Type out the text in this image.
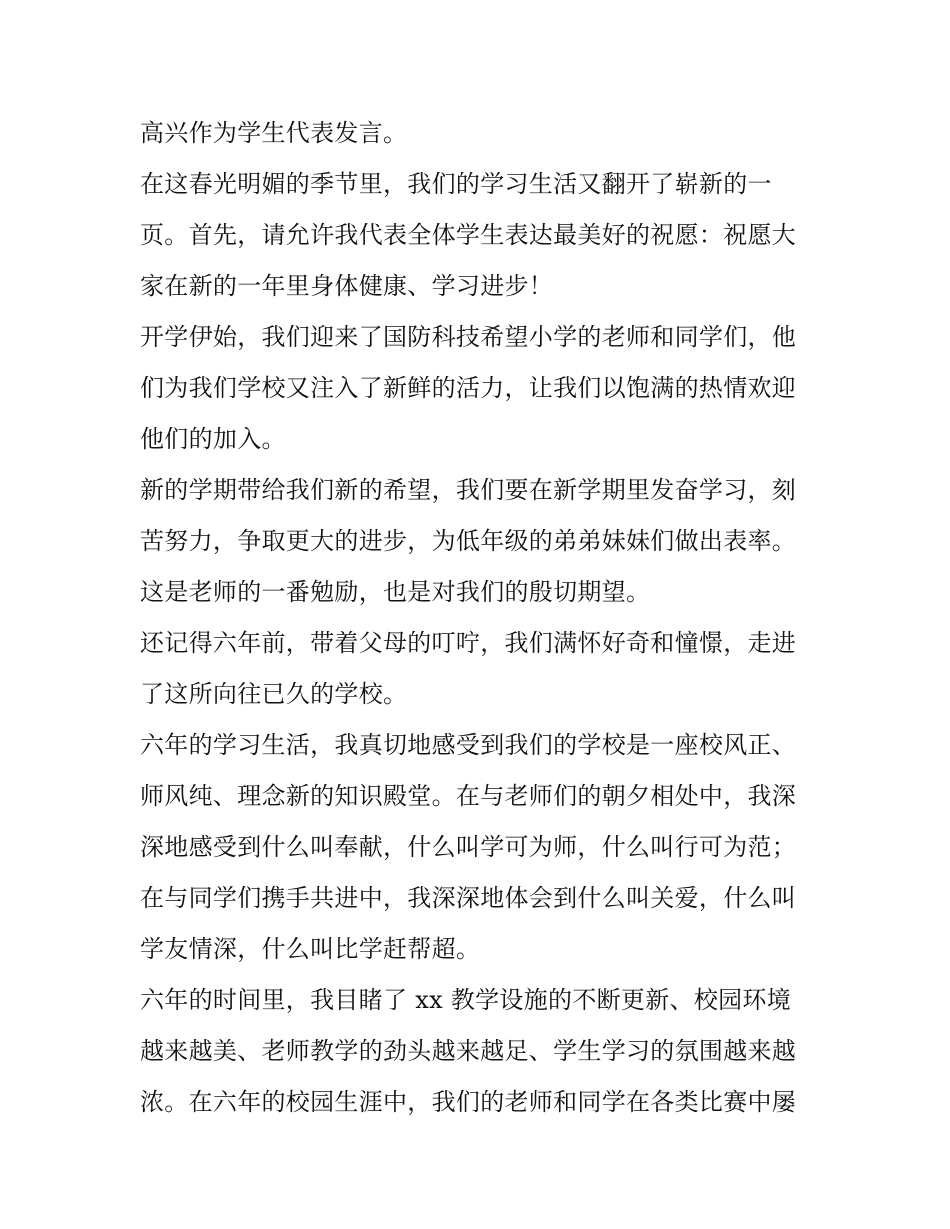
高兴作为学生代表发言。
在这春光明媚的季节里，我们的学习生活又翻开了崭新的一
页。首先，请允许我代表全体学生表达最美好的祝愿：祝愿大
家在新的一年里身体健康、学习进步！
开学伊始，我们迎来了国防科技希望小学的老师和同学们，他
们为我们学校又注入了新鲜的活力，让我们以饱满的热情欢迎
他们的加入。
新的学期带给我们新的希望，我们要在新学期里发奋学习，刻
苦努力，争取更大的进步，为低年级的弟弟妹妹们做出表率。
这是老师的一番勉励，也是对我们的殷切期望。
还记得六年前，带着父母的叮咛，我们满怀好奇和憧憬，走进
了这所向往已久的学校。
六年的学习生活，我真切地感受到我们的学校是一座校风正、
师风纯、理念新的知识殿堂。在与老师们的朝夕相处中，我深
深地感受到什么叫奉献，什么叫学可为师，什么叫行可为范；
在与同学们携手共进中，我深深地体会到什么叫关爱，什么叫
学友情深，什么叫比学赶帮超。
六年的时间里，我目睹了 xx 教学设施的不断更新、校园环境
越来越美、老师教学的劲头越来越足、学生学习的氛围越来越
浓。在六年的校园生涯中，我们的老师和同学在各类比赛中屡
